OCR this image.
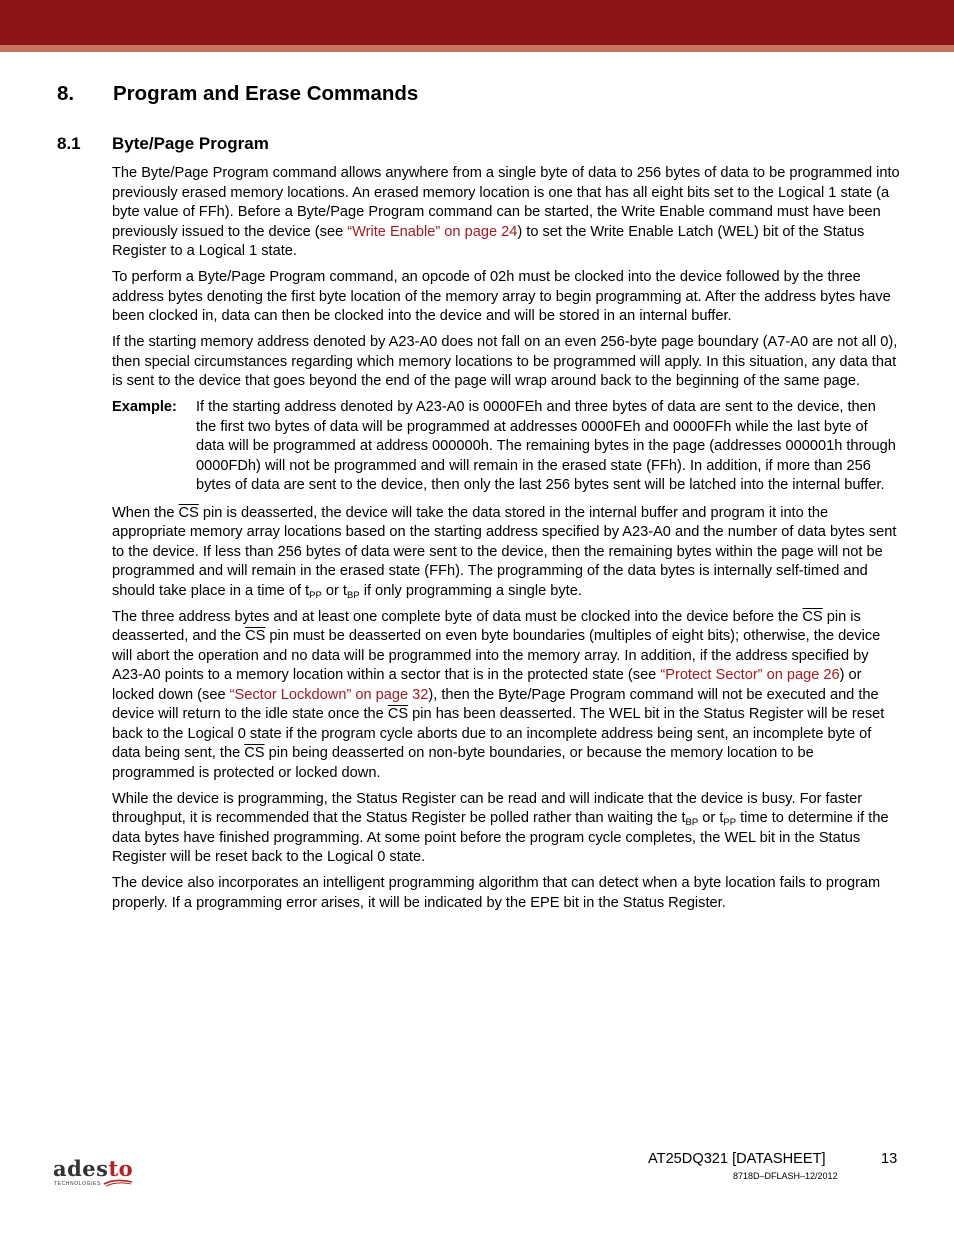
8. Program and Erase Commands
8.1 Byte/Page Program

The Byte/Page Program command allows anywhere from a single byte of data to 256 bytes of data to be programmed into previously erased memory locations. An erased memory location is one that has all eight bits set to the Logical 1 state (a byte value of FFh). Before a Byte/Page Program command can be started, the Write Enable command must have been previously issued to the device (see “Write Enable” on page 24) to set the Write Enable Latch (WEL) bit of the Status Register to a Logical 1 state.

To perform a Byte/Page Program command, an opcode of 02h must be clocked into the device followed by the three address bytes denoting the first byte location of the memory array to begin programming at. After the address bytes have been clocked in, data can then be clocked into the device and will be stored in an internal buffer.

If the starting memory address denoted by A23-A0 does not fall on an even 256-byte page boundary (A7-A0 are not all 0), then special circumstances regarding which memory locations to be programmed will apply. In this situation, any data that is sent to the device that goes beyond the end of the page will wrap around back to the beginning of the same page.

Example:	If the starting address denoted by A23-A0 is 0000FEh and three bytes of data are sent to the device, then the first two bytes of data will be programmed at addresses 0000FEh and 0000FFh while the last byte of data will be programmed at address 000000h. The remaining bytes in the page (addresses 000001h through 0000FDh) will not be programmed and will remain in the erased state (FFh). In addition, if more than 256 bytes of data are sent to the device, then only the last 256 bytes sent will be latched into the internal buffer.

When the $\overline{CS}$ pin is deasserted, the device will take the data stored in the internal buffer and program it into the appropriate memory array locations based on the starting address specified by A23-A0 and the number of data bytes sent to the device. If less than 256 bytes of data were sent to the device, then the remaining bytes within the page will not be programmed and will remain in the erased state (FFh). The programming of the data bytes is internally self-timed and should take place in a time of $t_{PP}$ or $t_{BP}$ if only programming a single byte.

The three address bytes and at least one complete byte of data must be clocked into the device before the $\overline{CS}$ pin is deasserted, and the $\overline{CS}$ pin must be deasserted on even byte boundaries (multiples of eight bits); otherwise, the device will abort the operation and no data will be programmed into the memory array. In addition, if the address specified by A23-A0 points to a memory location within a sector that is in the protected state (see “Protect Sector” on page 26) or locked down (see “Sector Lockdown” on page 32), then the Byte/Page Program command will not be executed and the device will return to the idle state once the $\overline{CS}$ pin has been deasserted. The WEL bit in the Status Register will be reset back to the Logical 0 state if the program cycle aborts due to an incomplete address being sent, an incomplete byte of data being sent, the $\overline{CS}$ pin being deasserted on non-byte boundaries, or because the memory location to be programmed is protected or locked down.

While the device is programming, the Status Register can be read and will indicate that the device is busy. For faster throughput, it is recommended that the Status Register be polled rather than waiting the $t_{BP}$ or $t_{PP}$ time to determine if the data bytes have finished programming. At some point before the program cycle completes, the WEL bit in the Status Register will be reset back to the Logical 0 state.

The device also incorporates an intelligent programming algorithm that can detect when a byte location fails to program properly. If a programming error arises, it will be indicated by the EPE bit in the Status Register.

adesto
TECHNOLOGIES
AT25DQ321 [DATASHEET]	13
8718D–DFLASH–12/2012
